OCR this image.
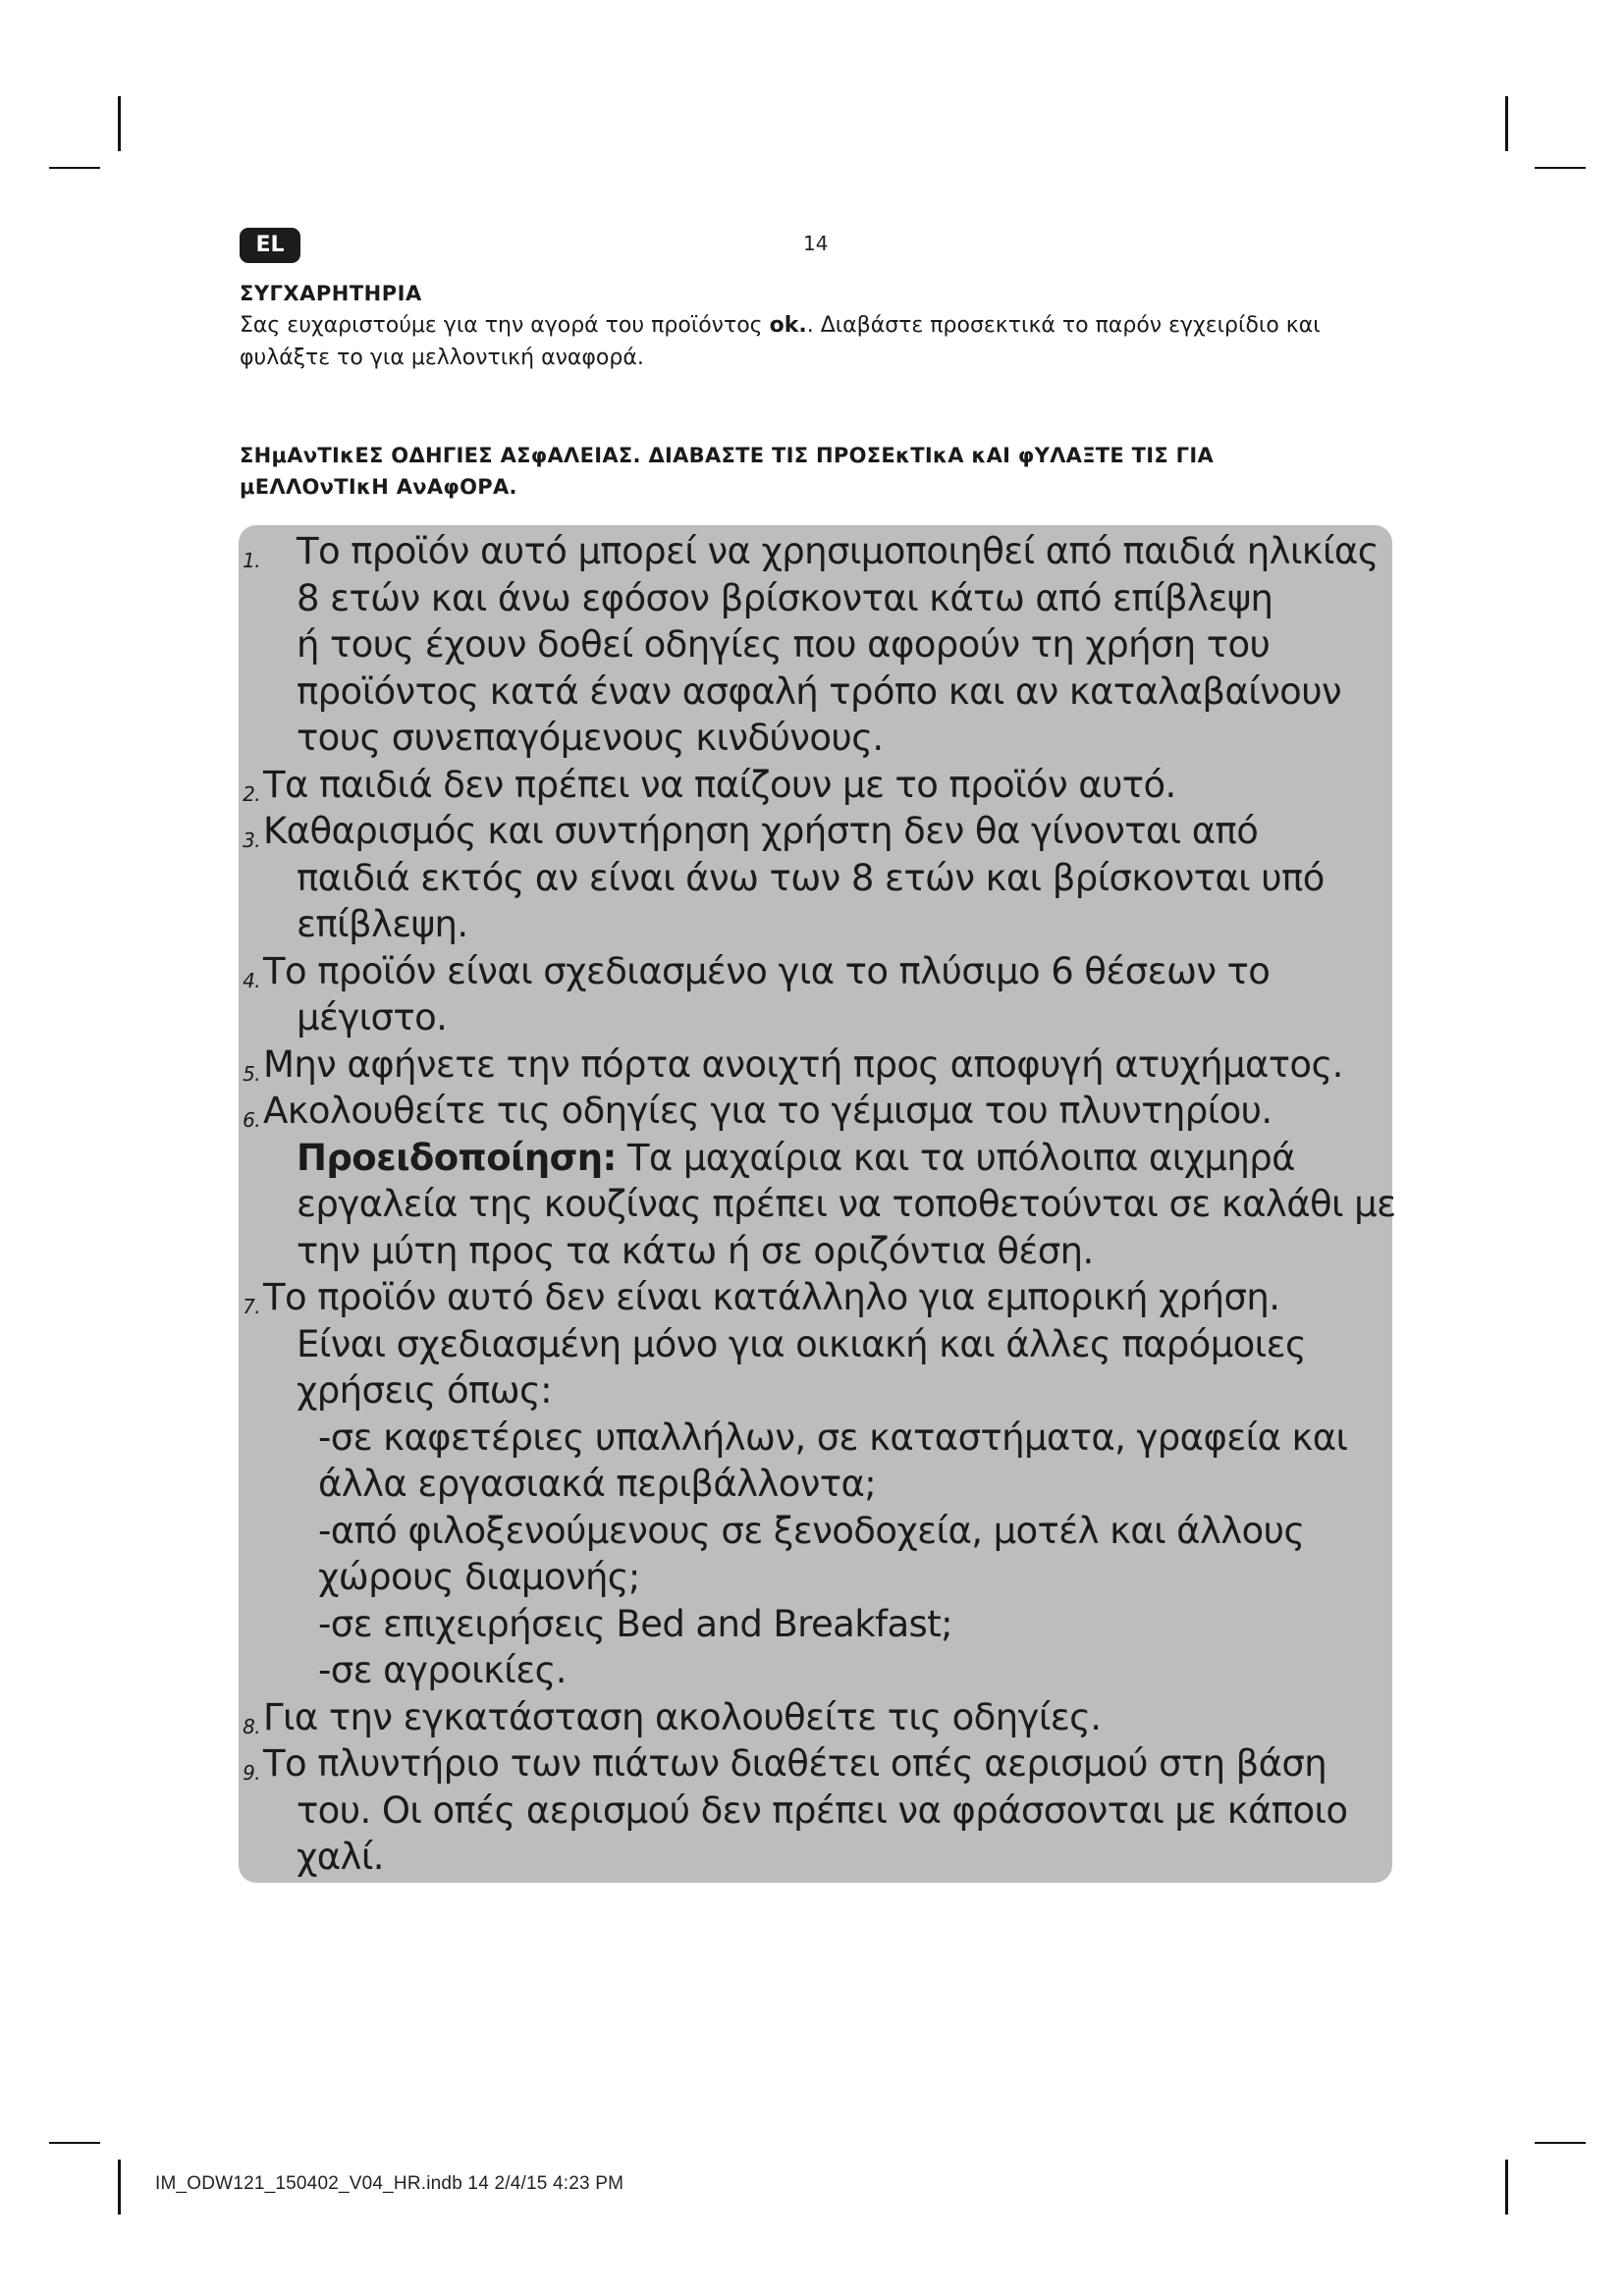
EL	14
ΣΥΓΧΑΡΗΤΗΡΙΑ
Σας ευχαριστούμε για την αγορά του προϊόντος ok.. Διαβάστε προσεκτικά το παρόν εγχειρίδιο και φυλάξτε το για μελλοντική αναφορά.
ΣΗμΑνΤΙκΕΣ ΟΔΗΓΙΕΣ ΑΣφΑΛΕΙΑΣ. ΔΙΑΒΑΣΤΕ ΤΙΣ ΠΡΟΣΕκΤΙκΑ κΑΙ φΥΛΑΞΤΕ ΤΙΣ ΓΙΑ μΕΛΛΟνΤΙκΗ ΑνΑφΟΡΑ.
1. Το προϊόν αυτό μπορεί να χρησιμοποιηθεί από παιδιά ηλικίας
8 ετών και άνω εφόσον βρίσκονται κάτω από επίβλεψη
ή τους έχουν δοθεί οδηγίες που αφορούν τη χρήση του
προϊόντος κατά έναν ασφαλή τρόπο και αν καταλαβαίνουν
τους συνεπαγόμενους κινδύνους.
2. Τα παιδιά δεν πρέπει να παίζουν με το προϊόν αυτό.
3. Καθαρισμός και συντήρηση χρήστη δεν θα γίνονται από
παιδιά εκτός αν είναι άνω των 8 ετών και βρίσκονται υπό
επίβλεψη.
4. Το προϊόν είναι σχεδιασμένο για το πλύσιμο 6 θέσεων το
μέγιστο.
5. Μην αφήνετε την πόρτα ανοιχτή προς αποφυγή ατυχήματος.
6. Ακολουθείτε τις οδηγίες για το γέμισμα του πλυντηρίου.
Προειδοποίηση: Τα μαχαίρια και τα υπόλοιπα αιχμηρά
εργαλεία της κουζίνας πρέπει να τοποθετούνται σε καλάθι με
την μύτη προς τα κάτω ή σε οριζόντια θέση.
7. Το προϊόν αυτό δεν είναι κατάλληλο για εμπορική χρήση.
Είναι σχεδιασμένη μόνο για οικιακή και άλλες παρόμοιες
χρήσεις όπως:
-σε καφετέριες υπαλλήλων, σε καταστήματα, γραφεία και
άλλα εργασιακά περιβάλλοντα;
-από φιλοξενούμενους σε ξενοδοχεία, μοτέλ και άλλους
χώρους διαμονής;
-σε επιχειρήσεις Bed and Breakfast;
-σε αγροικίες.
8. Για την εγκατάσταση ακολουθείτε τις οδηγίες.
9. Το πλυντήριο των πιάτων διαθέτει οπές αερισμού στη βάση
του. Οι οπές αερισμού δεν πρέπει να φράσσονται με κάποιο
χαλί.
IM_ODW121_150402_V04_HR.indb 14 2/4/15 4:23 PM
